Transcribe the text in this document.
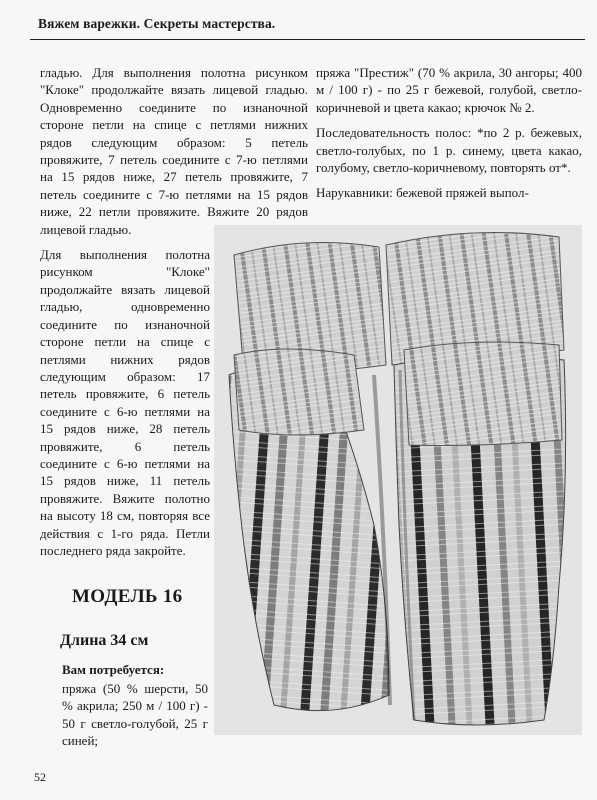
Вяжем варежки. Секреты мастерства.

гладью. Для выполнения полотна рисунком "Клоке" продолжайте вязать лицевой гладью. Одновременно соедините по изнаночной стороне петли на спице с петлями нижних рядов следующим образом: 5 петель провяжите, 7 петель соедините с 7-ю петлями на 15 рядов ниже, 27 петель провяжите, 7 петель соедините с 7-ю петлями на 15 рядов ниже, 22 петли провяжите. Вяжите 20 рядов лицевой гладью.

Для выполнения полотна рисунком "Клоке" продолжайте вязать лицевой гладью, одновременно соедините по изнаночной стороне петли на спице с петлями нижних рядов следующим образом: 17 петель провяжите, 6 петель соедините с 6-ю петлями на 15 рядов ниже, 28 петель провяжите, 6 петель соедините с 6-ю петлями на 15 рядов ниже, 11 петель провяжите. Вяжите полотно на высоту 18 см, повторяя все действия с 1-го ряда. Петли последнего ряда закройте.

МОДЕЛЬ 16
Длина 34 см
Вам потребуется:
пряжа (50 % шерсти, 50 % акрила; 250 м / 100 г) - 50 г светло-голубой, 25 г синей;

пряжа "Престиж" (70 % акрила, 30 ангоры; 400 м / 100 г) - по 25 г бежевой, голубой, светло-коричневой и цвета какао; крючок № 2.

Последовательность полос: *по 2 р. бежевых, светло-голубых, по 1 р. синему, цвета какао, голубому, светло-коричневому, повторять от*.

Нарукавники: бежевой пряжей выпол-

52
